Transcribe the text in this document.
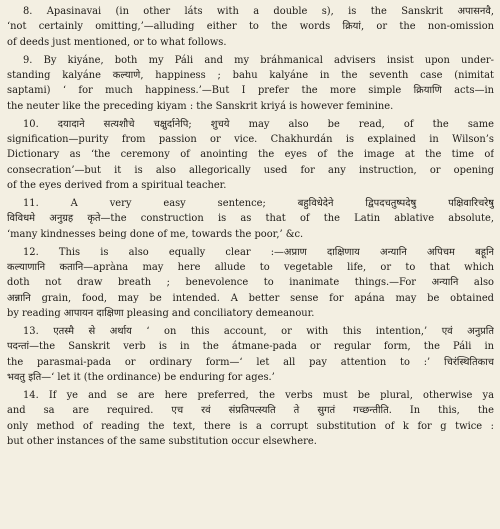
8. Apasinavai (in other láts with a double s), is the Sanskrit अपासनवै,
‘not certainly omitting,’—alluding either to the words क्रियां, or the non-omission
of deeds just mentioned, or to what follows.

9. By kiyáne, both my Páli and my bráhmanical advisers insist upon under-
standing kalyáne कल्याणे, happiness ; bahu kalyáne in the seventh case (nimitat
saptami) ‘ for much happiness.’—But I prefer the more simple क्रियाणि acts—in
the neuter like the preceding kiyam : the Sanskrit kriyá is however feminine.

10. दयादाने सत्यशौचे चक्षुर्दानेपि; शुचये may also be read, of the same
signification—purity from passion or vice. Chakhurdán is explained in Wilson’s
Dictionary as ‘the ceremony of anointing the eyes of the image at the time of
consecration’—but it is also allegorically used for any instruction, or opening
of the eyes derived from a spiritual teacher.

11. A very easy sentence; बहुविधेदेने द्विपदचतुष्पदेषु पक्षिवारिचरेषु
विविधमे अनुग्रह कृते—the construction is as that of the Latin ablative absolute,
‘many kindnesses being done of me, towards the poor,’ &c.

12. This is also equally clear :—अप्राण दाक्षिणाय अन्यानि अपिचम बहूनि
कल्याणानि कतानि—apràna may here allude to vegetable life, or to that which
doth not draw breath ; benevolence to inanimate things.—For अन्यानि also
अन्नानि grain, food, may be intended. A better sense for apána may be obtained
by reading आपायन दाक्षिणा pleasing and conciliatory demeanour.

13. एतस्मै से अर्थाय ‘ on this account, or with this intention,’ एवं अनुप्रति
पदन्तां—the Sanskrit verb is in the átmane-pada or regular form, the Páli in
the parasmai-pada or ordinary form—‘ let all pay attention to :’ चिरंस्थितिकाच
भवतु इति—‘ let it (the ordinance) be enduring for ages.’

14. If ye and se are here preferred, the verbs must be plural, otherwise ya
and sa are required. एच रवं संप्रतिपत्स्यति ते सुगतं गच्छन्तीति. In this, the
only method of reading the text, there is a corrupt substitution of k for g twice :
but other instances of the same substitution occur elsewhere.
